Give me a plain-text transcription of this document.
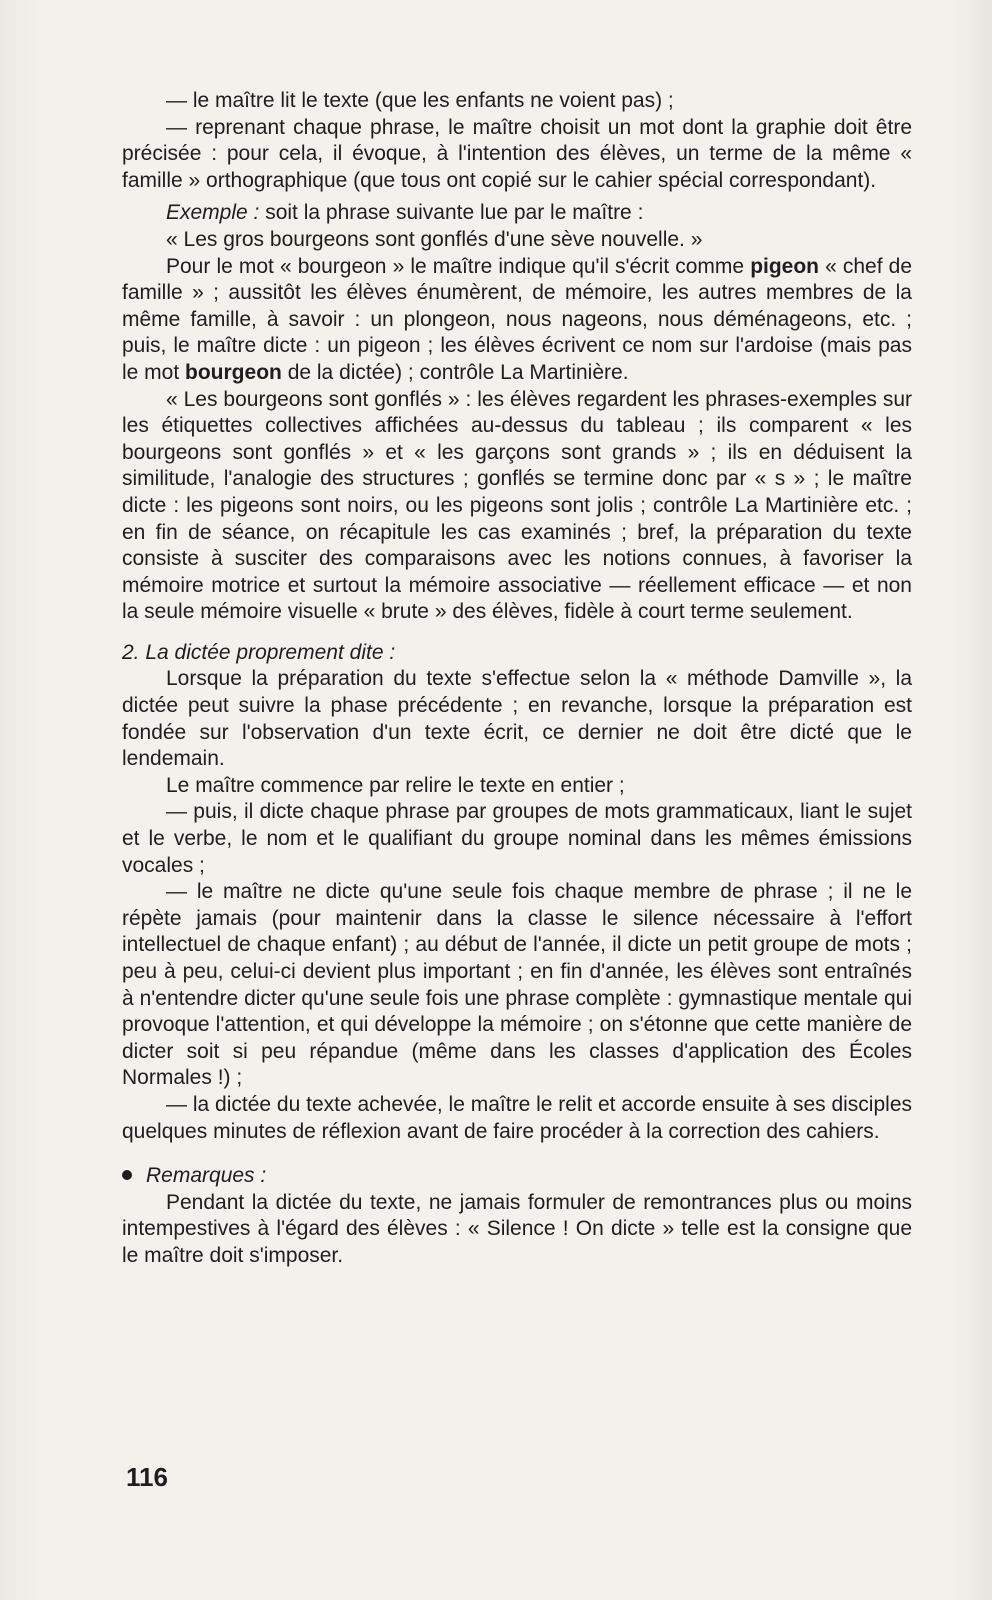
— le maître lit le texte (que les enfants ne voient pas) ;

— reprenant chaque phrase, le maître choisit un mot dont la graphie doit être précisée : pour cela, il évoque, à l'intention des élèves, un terme de la même « famille » orthographique (que tous ont copié sur le cahier spécial correspondant).

Exemple : soit la phrase suivante lue par le maître :

« Les gros bourgeons sont gonflés d'une sève nouvelle. »

Pour le mot « bourgeon » le maître indique qu'il s'écrit comme pigeon « chef de famille » ; aussitôt les élèves énumèrent, de mémoire, les autres membres de la même famille, à savoir : un plongeon, nous nageons, nous déménageons, etc. ; puis, le maître dicte : un pigeon ; les élèves écrivent ce nom sur l'ardoise (mais pas le mot bourgeon de la dictée) ; contrôle La Martinière.

« Les bourgeons sont gonflés » : les élèves regardent les phrases-exemples sur les étiquettes collectives affichées au-dessus du tableau ; ils comparent « les bourgeons sont gonflés » et « les garçons sont grands » ; ils en déduisent la similitude, l'analogie des structures ; gonflés se termine donc par « s » ; le maître dicte : les pigeons sont noirs, ou les pigeons sont jolis ; contrôle La Martinière etc. ; en fin de séance, on récapitule les cas examinés ; bref, la préparation du texte consiste à susciter des comparaisons avec les notions connues, à favoriser la mémoire motrice et surtout la mémoire associative — réellement efficace — et non la seule mémoire visuelle « brute » des élèves, fidèle à court terme seulement.

2. La dictée proprement dite :

Lorsque la préparation du texte s'effectue selon la « méthode Damville », la dictée peut suivre la phase précédente ; en revanche, lorsque la préparation est fondée sur l'observation d'un texte écrit, ce dernier ne doit être dicté que le lendemain.

Le maître commence par relire le texte en entier ;

— puis, il dicte chaque phrase par groupes de mots grammaticaux, liant le sujet et le verbe, le nom et le qualifiant du groupe nominal dans les mêmes émissions vocales ;

— le maître ne dicte qu'une seule fois chaque membre de phrase ; il ne le répète jamais (pour maintenir dans la classe le silence nécessaire à l'effort intellectuel de chaque enfant) ; au début de l'année, il dicte un petit groupe de mots ; peu à peu, celui-ci devient plus important ; en fin d'année, les élèves sont entraînés à n'entendre dicter qu'une seule fois une phrase complète : gymnastique mentale qui provoque l'attention, et qui développe la mémoire ; on s'étonne que cette manière de dicter soit si peu répandue (même dans les classes d'application des Écoles Normales !) ;

— la dictée du texte achevée, le maître le relit et accorde ensuite à ses disciples quelques minutes de réflexion avant de faire procéder à la correction des cahiers.

Remarques :

Pendant la dictée du texte, ne jamais formuler de remontrances plus ou moins intempestives à l'égard des élèves : « Silence ! On dicte » telle est la consigne que le maître doit s'imposer.

116
